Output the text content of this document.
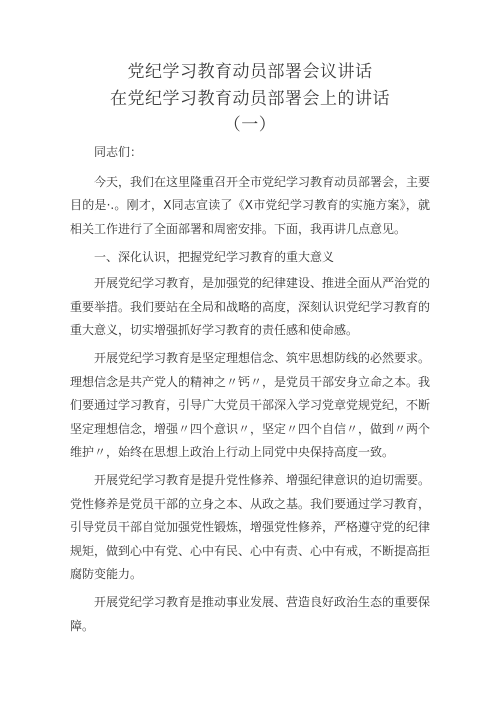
党纪学习教育动员部署会议讲话
在党纪学习教育动员部署会上的讲话
（一）

同志们：

今天，我们在这里隆重召开全市党纪学习教育动员部署会，主要目的是·.。刚才，X同志宣读了《X市党纪学习教育的实施方案》，就相关工作进行了全面部署和周密安排。下面，我再讲几点意见。

一、深化认识，把握党纪学习教育的重大意义

开展党纪学习教育，是加强党的纪律建设、推进全面从严治党的重要举措。我们要站在全局和战略的高度，深刻认识党纪学习教育的重大意义，切实增强抓好学习教育的责任感和使命感。

开展党纪学习教育是坚定理想信念、筑牢思想防线的必然要求。理想信念是共产党人的精神之〃钙〃，是党员干部安身立命之本。我们要通过学习教育，引导广大党员干部深入学习党章党规党纪，不断坚定理想信念，增强〃四个意识〃，坚定〃四个自信〃，做到〃两个维护〃，始终在思想上政治上行动上同党中央保持高度一致。

开展党纪学习教育是提升党性修养、增强纪律意识的迫切需要。党性修养是党员干部的立身之本、从政之基。我们要通过学习教育，引导党员干部自觉加强党性锻炼，增强党性修养，严格遵守党的纪律规矩，做到心中有党、心中有民、心中有责、心中有戒，不断提高拒腐防变能力。

开展党纪学习教育是推动事业发展、营造良好政治生态的重要保障。
